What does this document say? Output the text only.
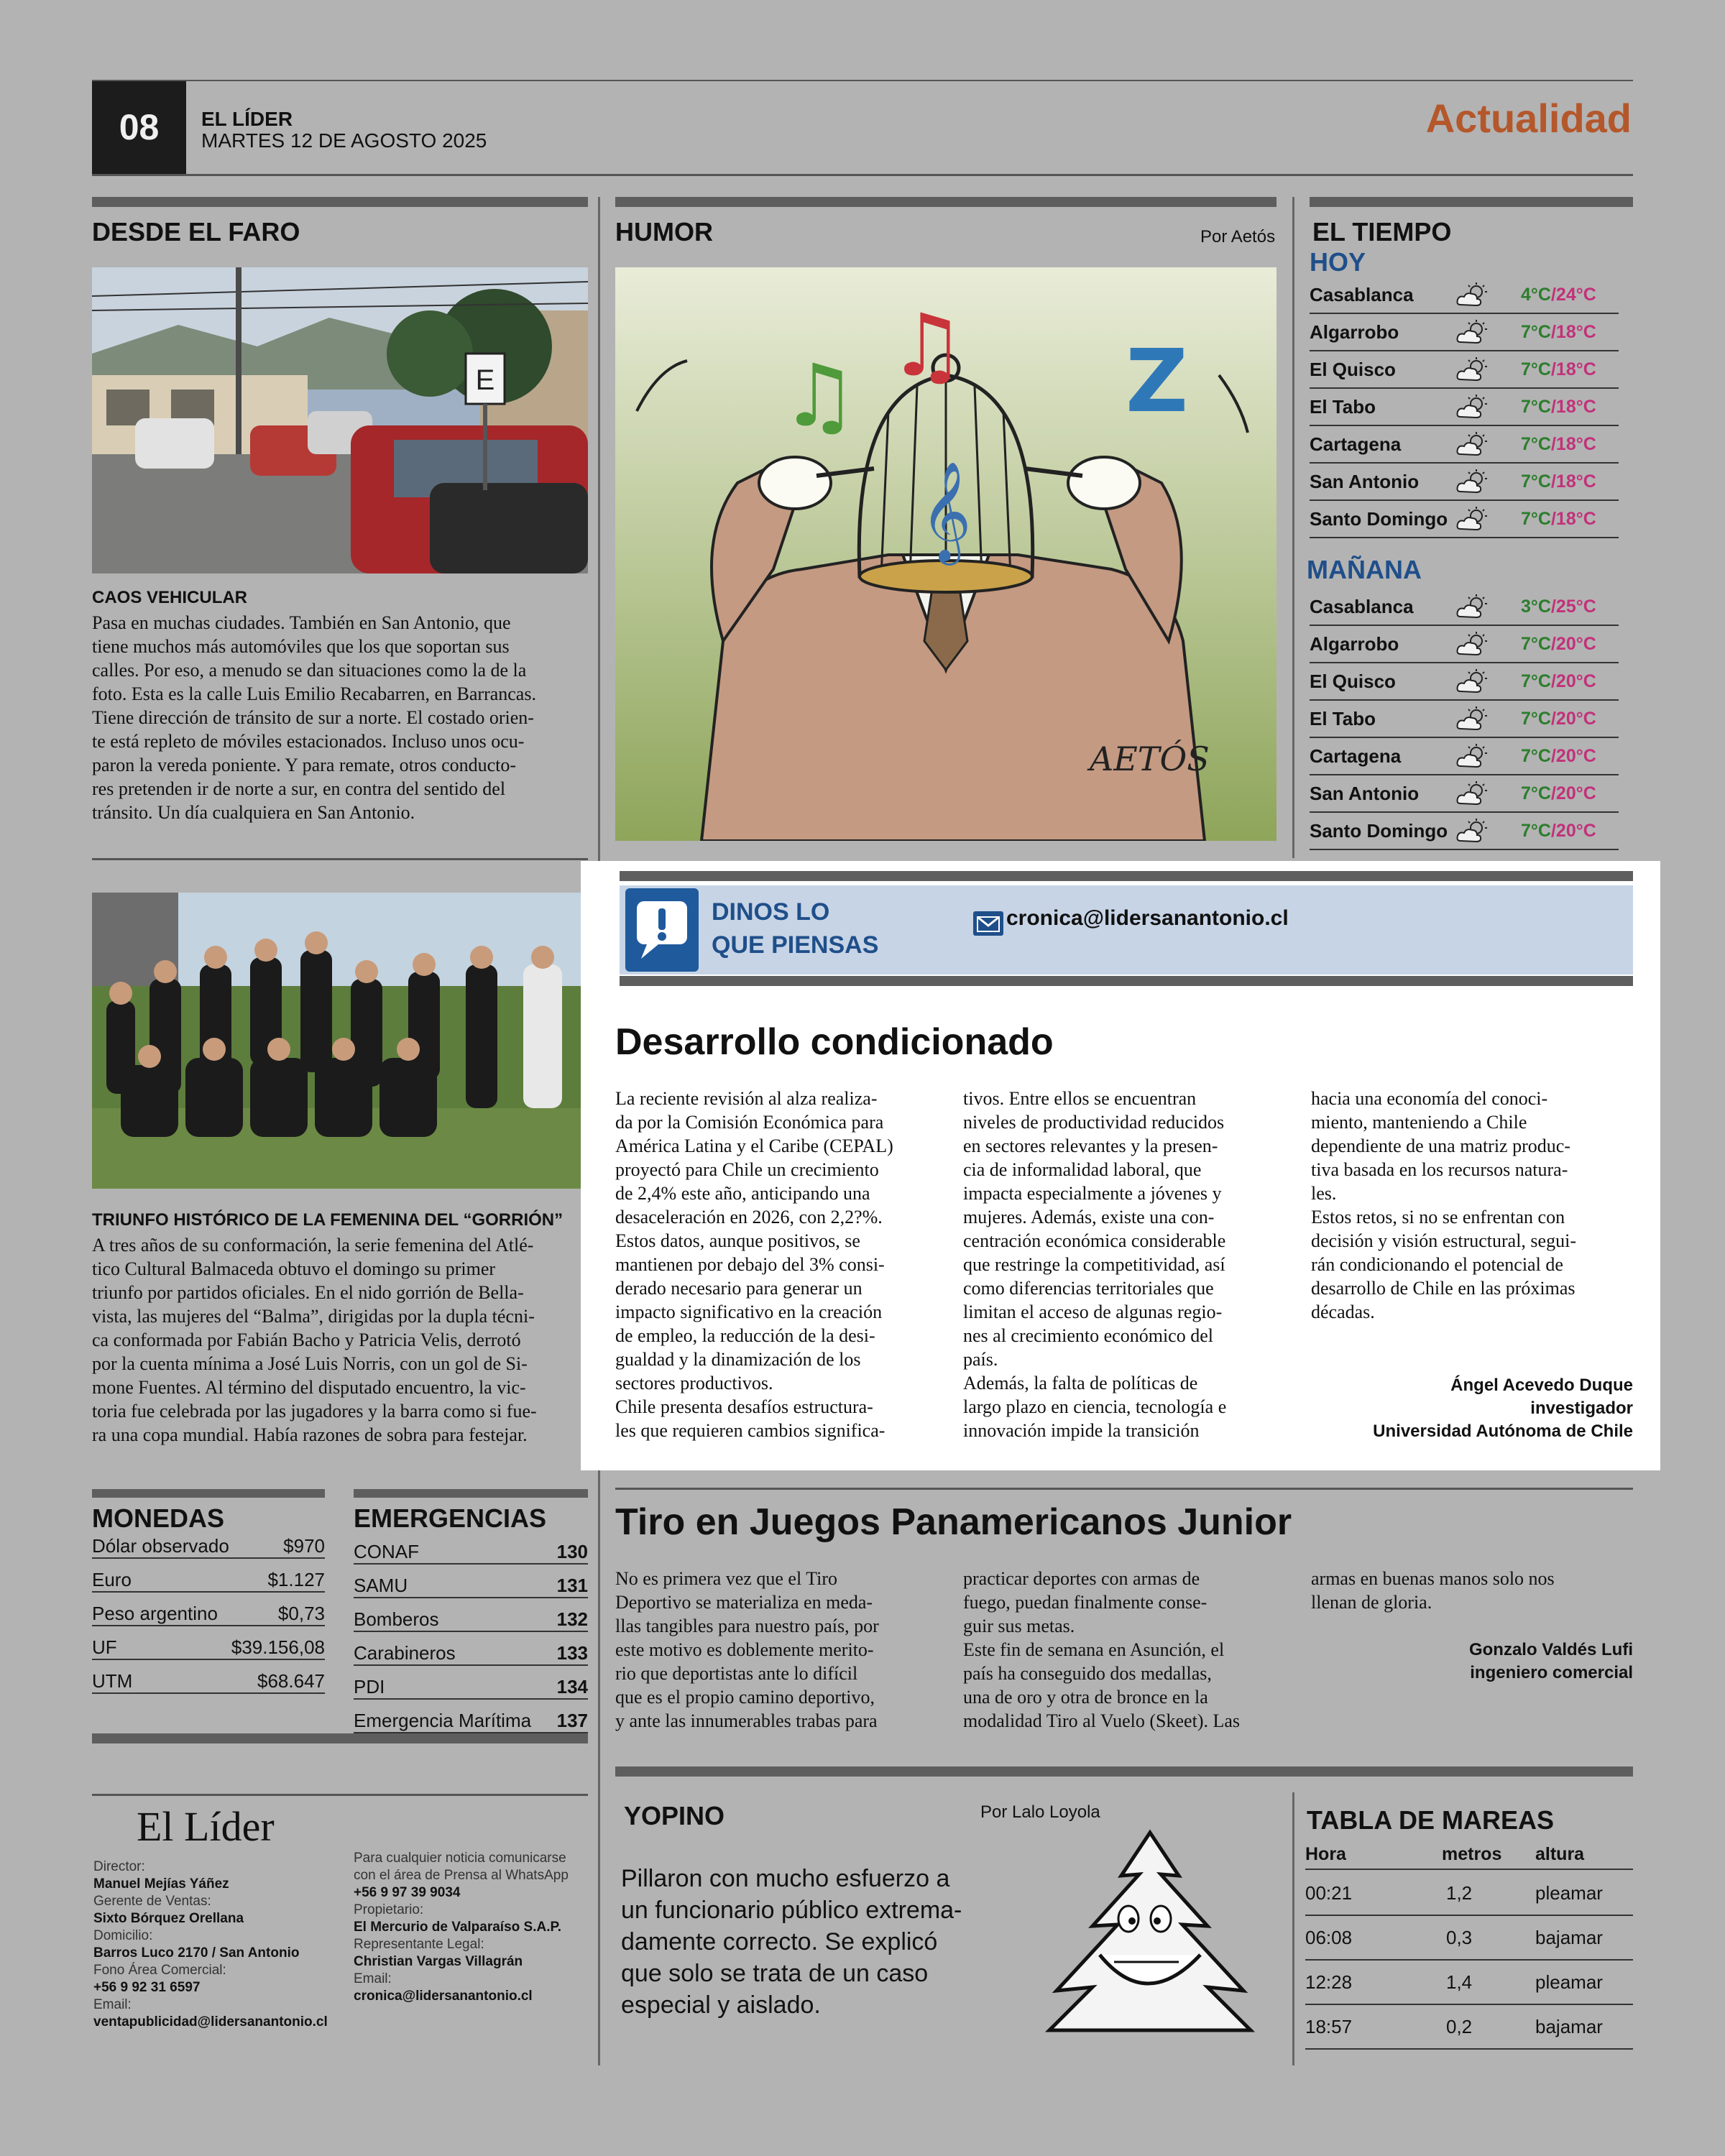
08	EL LÍDER
MARTES 12 DE AGOSTO 2025	Actualidad
DESDE EL FARO
E
CAOS VEHICULAR
Pasa en muchas ciudades. También en San Antonio, que
tiene muchos más automóviles que los que soportan sus
calles. Por eso, a menudo se dan situaciones como la de la
foto. Esta es la calle Luis Emilio Recabarren, en Barrancas.
Tiene dirección de tránsito de sur a norte. El costado orien-
te está repleto de móviles estacionados. Incluso unos ocu-
paron la vereda poniente. Y para remate, otros conducto-
res pretenden ir de norte a sur, en contra del sentido del
tránsito. Un día cualquiera en San Antonio.
TRIUNFO HISTÓRICO DE LA FEMENINA DEL “GORRIÓN”
A tres años de su conformación, la serie femenina del Atlé-
tico Cultural Balmaceda obtuvo el domingo su primer
triunfo por partidos oficiales. En el nido gorrión de Bella-
vista, las mujeres del “Balma”, dirigidas por la dupla técni-
ca conformada por Fabián Bacho y Patricia Velis, derrotó
por la cuenta mínima a José Luis Norris, con un gol de Si-
mone Fuentes. Al término del disputado encuentro, la vic-
toria fue celebrada por las jugadores y la barra como si fue-
ra una copa mundial. Había razones de sobra para festejar.
HUMOR	Por Aetós
𝄞
♫
♫ Z
AETÓS
EL TIEMPO
HOY
Casablanca	4°C/24°C
Algarrobo	7°C/18°C
El Quisco	7°C/18°C
El Tabo	7°C/18°C
Cartagena	7°C/18°C
San Antonio	7°C/18°C
Santo Domingo	7°C/18°C
MAÑANA
Casablanca	3°C/25°C
Algarrobo	7°C/20°C
El Quisco	7°C/20°C
El Tabo	7°C/20°C
Cartagena	7°C/20°C
San Antonio	7°C/20°C
Santo Domingo	7°C/20°C
DINOS LO
QUE PIENSAS
cronica@lidersanantonio.cl
Desarrollo condicionado
La reciente revisión al alza realiza-
da por la Comisión Económica para
América Latina y el Caribe (CEPAL)
proyectó para Chile un crecimiento
de 2,4% este año, anticipando una
desaceleración en 2026, con 2,2?%.
Estos datos, aunque positivos, se
mantienen por debajo del 3% consi-
derado necesario para generar un
impacto significativo en la creación
de empleo, la reducción de la desi-
gualdad y la dinamización de los
sectores productivos.
Chile presenta desafíos estructura-
les que requieren cambios significa-
tivos. Entre ellos se encuentran
niveles de productividad reducidos
en sectores relevantes y la presen-
cia de informalidad laboral, que
impacta especialmente a jóvenes y
mujeres. Además, existe una con-
centración económica considerable
que restringe la competitividad, así
como diferencias territoriales que
limitan el acceso de algunas regio-
nes al crecimiento económico del
país.
Además, la falta de políticas de
largo plazo en ciencia, tecnología e
innovación impide la transición
hacia una economía del conoci-
miento, manteniendo a Chile
dependiente de una matriz produc-
tiva basada en los recursos natura-
les.
Estos retos, si no se enfrentan con
decisión y visión estructural, segui-
rán condicionando el potencial de
desarrollo de Chile en las próximas
décadas.
Ángel Acevedo Duque
investigador
Universidad Autónoma de Chile
Tiro en Juegos Panamericanos Junior
No es primera vez que el Tiro
Deportivo se materializa en meda-
llas tangibles para nuestro país, por
este motivo es doblemente merito-
rio que deportistas ante lo difícil
que es el propio camino deportivo,
y ante las innumerables trabas para
practicar deportes con armas de
fuego, puedan finalmente conse-
guir sus metas.
Este fin de semana en Asunción, el
país ha conseguido dos medallas,
una de oro y otra de bronce en la
modalidad Tiro al Vuelo (Skeet). Las
armas en buenas manos solo nos
llenan de gloria.
Gonzalo Valdés Lufi
ingeniero comercial
MONEDAS
Dólar observado	$970
Euro	$1.127
Peso argentino	$0,73
UF	$39.156,08
UTM	$68.647
EMERGENCIAS
CONAF	130
SAMU	131
Bomberos	132
Carabineros	133
PDI	134
Emergencia Marítima 137
El Líder
Director:
Manuel Mejías Yáñez
Gerente de Ventas:
Sixto Bórquez Orellana
Domicilio:
Barros Luco 2170 / San Antonio
Fono Área Comercial:
+56 9 92 31 6597
Email:
ventapublicidad@lidersanantonio.cl
Para cualquier noticia comunicarse
con el área de Prensa al WhatsApp
+56 9 97 39 9034
Propietario:
El Mercurio de Valparaíso S.A.P.
Representante Legal:
Christian Vargas Villagrán
Email:
cronica@lidersanantonio.cl
YOPINO	Por Lalo Loyola
Pillaron con mucho esfuerzo a
un funcionario público extrema-
damente correcto. Se explicó
que solo se trata de un caso
especial y aislado.
TABLA DE MAREAS
Hora	metros	altura
00:21	1,2	pleamar
06:08	0,3	bajamar
12:28	1,4	pleamar
18:57	0,2	bajamar
